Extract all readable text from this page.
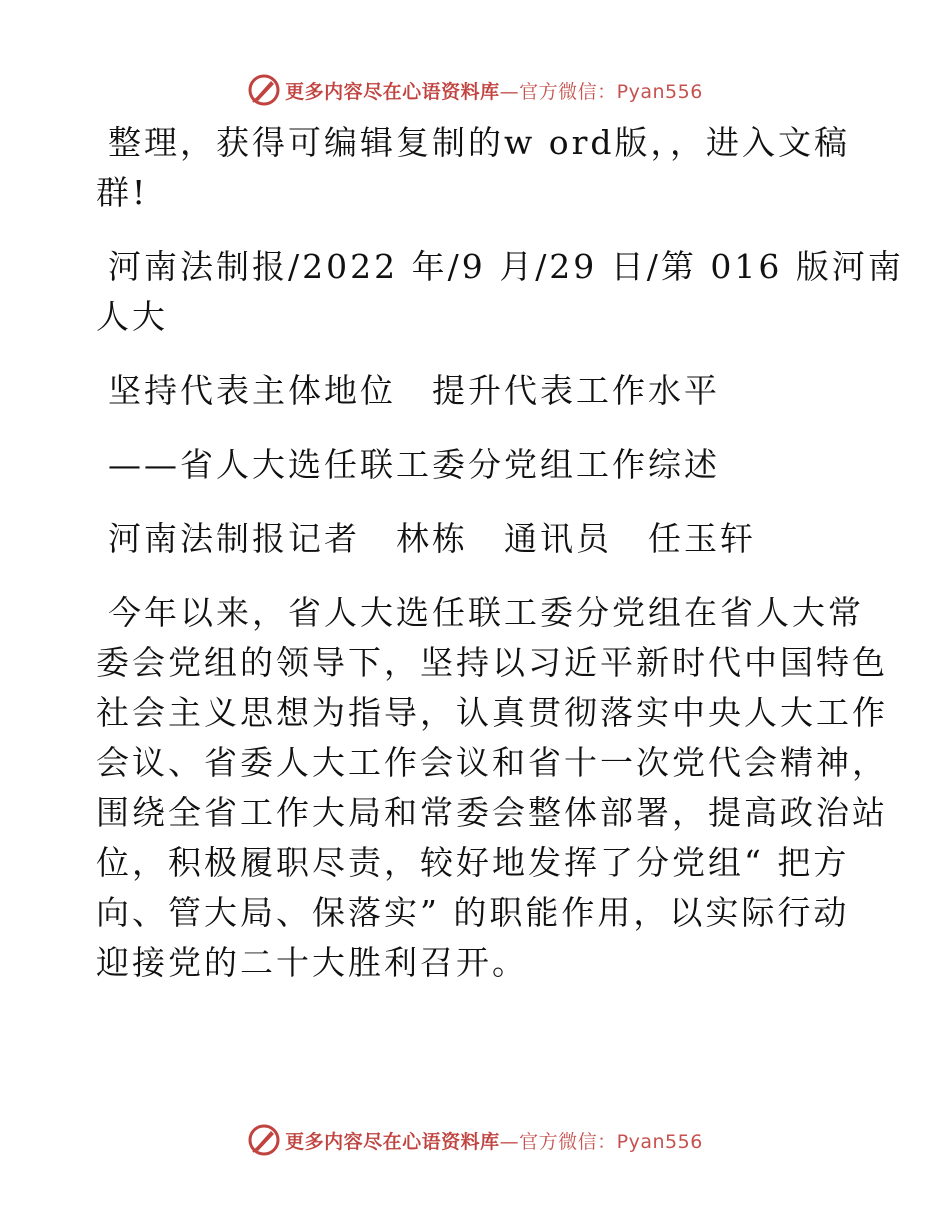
更多内容尽在心语资料库—官方微信：Pyan556
整理，获得可编辑复制的w ord版，，进入文稿
群!
河南法制报/2022 年/9 月/29 日/第 016 版河南
人大
坚持代表主体地位　提升代表工作水平
——省人大选任联工委分党组工作综述
河南法制报记者　林栋　通讯员　任玉轩
今年以来，省人大选任联工委分党组在省人大常
委会党组的领导下，坚持以习近平新时代中国特色
社会主义思想为指导，认真贯彻落实中央人大工作
会议、省委人大工作会议和省十一次党代会精神，
围绕全省工作大局和常委会整体部署，提高政治站
位，积极履职尽责，较好地发挥了分党组“ 把方
向、管大局、保落实” 的职能作用，以实际行动
迎接党的二十大胜利召开。
更多内容尽在心语资料库—官方微信：Pyan556
